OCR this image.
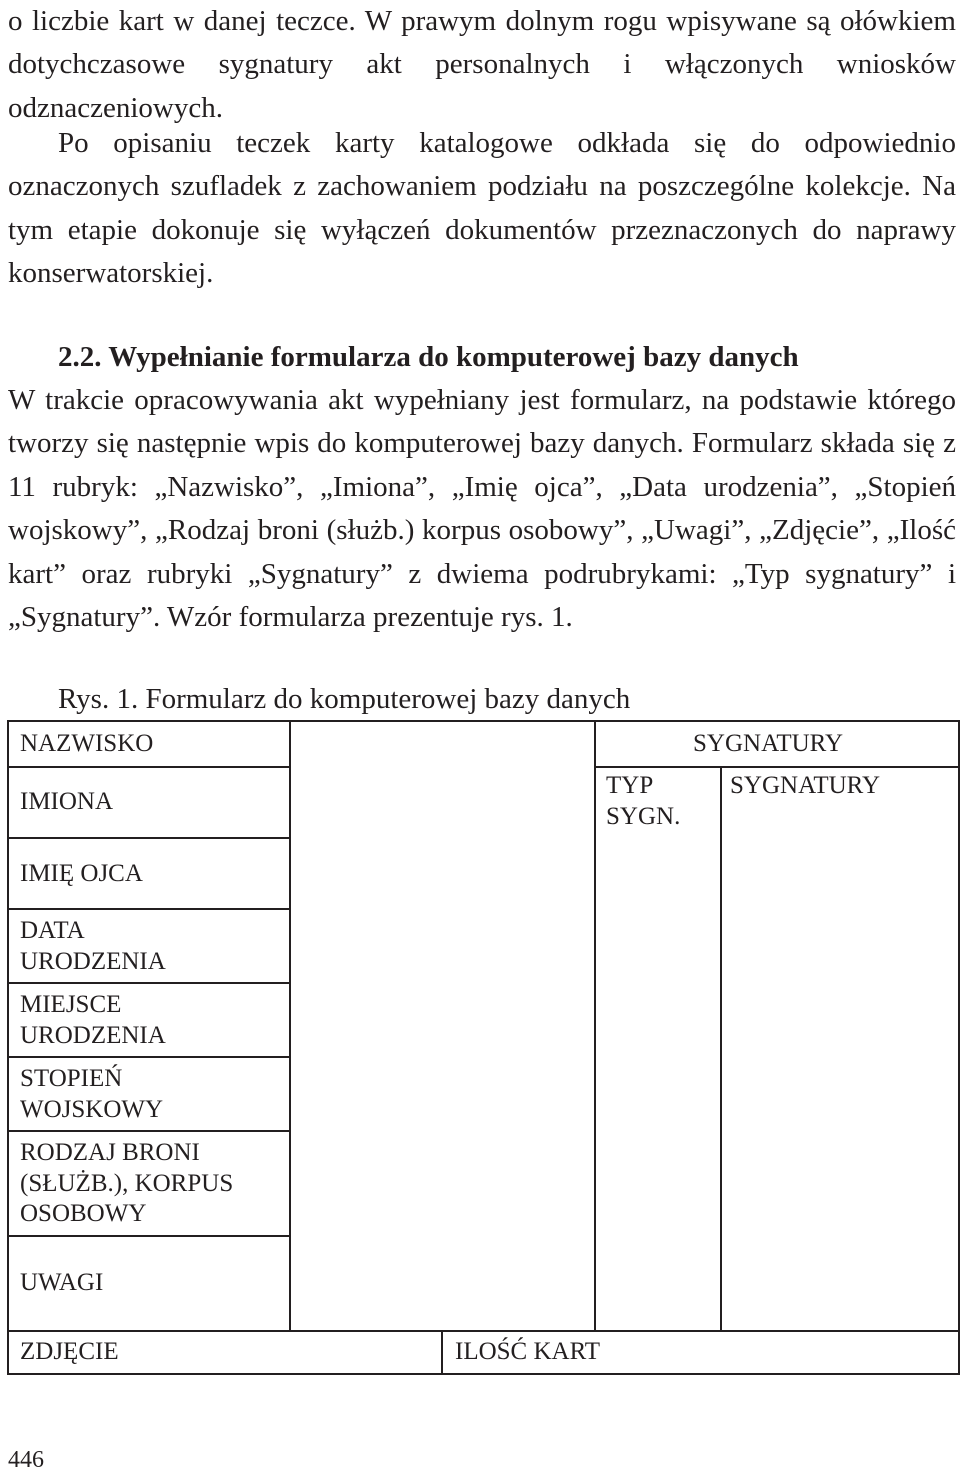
o liczbie kart w danej teczce. W prawym dolnym rogu wpisywane są ołówkiem dotychczasowe sygnatury akt personalnych i włączonych wniosków odznaczeniowych.

Po opisaniu teczek karty katalogowe odkłada się do odpowiednio oznaczonych szufladek z zachowaniem podziału na poszczególne kolekcje. Na tym etapie dokonuje się wyłączeń dokumentów przeznaczonych do naprawy konserwatorskiej.

2.2. Wypełnianie formularza do komputerowej bazy danych

W trakcie opracowywania akt wypełniany jest formularz, na podstawie którego tworzy się następnie wpis do komputerowej bazy danych. Formularz składa się z 11 rubryk: „Nazwisko”, „Imiona”, „Imię ojca”, „Data urodzenia”, „Stopień wojskowy”, „Rodzaj broni (służb.) korpus osobowy”, „Uwagi”, „Zdjęcie”, „Ilość kart” oraz rubryki „Sygnatury” z dwiema podrubrykami: „Typ sygnatury” i „Sygnatury”. Wzór formularza prezentuje rys. 1.

Rys. 1. Formularz do komputerowej bazy danych

NAZWISKO

IMIONA

IMIĘ OJCA

DATA
URODZENIA

MIEJSCE
URODZENIA

STOPIEŃ
WOJSKOWY

RODZAJ BRONI
(SŁUŻB.), KORPUS
OSOBOWY

UWAGI

ZDJĘCIE	ILOŚĆ KART

SYGNATURY

TYP
SYGN.

SYGNATURY

446
